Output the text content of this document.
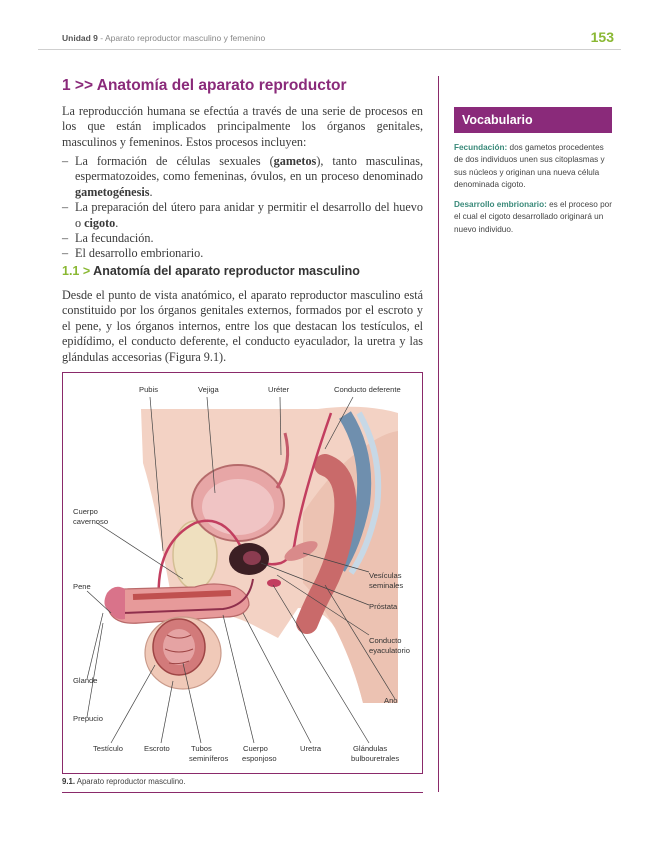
Unidad 9 - Aparato reproductor masculino y femenino	153
1 >> Anatomía del aparato reproductor
La reproducción humana se efectúa a través de una serie de procesos en los que están implicados principalmente los órganos genitales, masculinos y femeninos. Estos procesos incluyen:
– La formación de células sexuales (gametos), tanto masculinas, espermatozoides, como femeninas, óvulos, en un proceso denominado gametogénesis.
– La preparación del útero para anidar y permitir el desarrollo del huevo o cigoto.
– La fecundación.
– El desarrollo embrionario.
1.1 > Anatomía del aparato reproductor masculino
Desde el punto de vista anatómico, el aparato reproductor masculino está constituido por los órganos genitales externos, formados por el escroto y el pene, y los órganos internos, entre los que destacan los testículos, el epidídimo, el conducto deferente, el conducto eyaculador, la uretra y las glándulas accesorias (Figura 9.1).
Pubis	Vejiga	Uréter	Conducto deferente
Cuerpo
cavernoso
Pene
Vesículas
seminales
Próstata
Conducto
eyaculatorio
Glande
Ano
Prepucio
Testículo	Escroto	Tubos
seminíferos
Cuerpo
esponjoso
Uretra	Glándulas
bulbouretrales
9.1. Aparato reproductor masculino.
Vocabulario
Fecundación: dos gametos procedentes de dos individuos unen sus citoplasmas y sus núcleos y originan una nueva célula denominada cigoto.
Desarrollo embrionario: es el proceso por el cual el cigoto desarrollado originará un nuevo individuo.
